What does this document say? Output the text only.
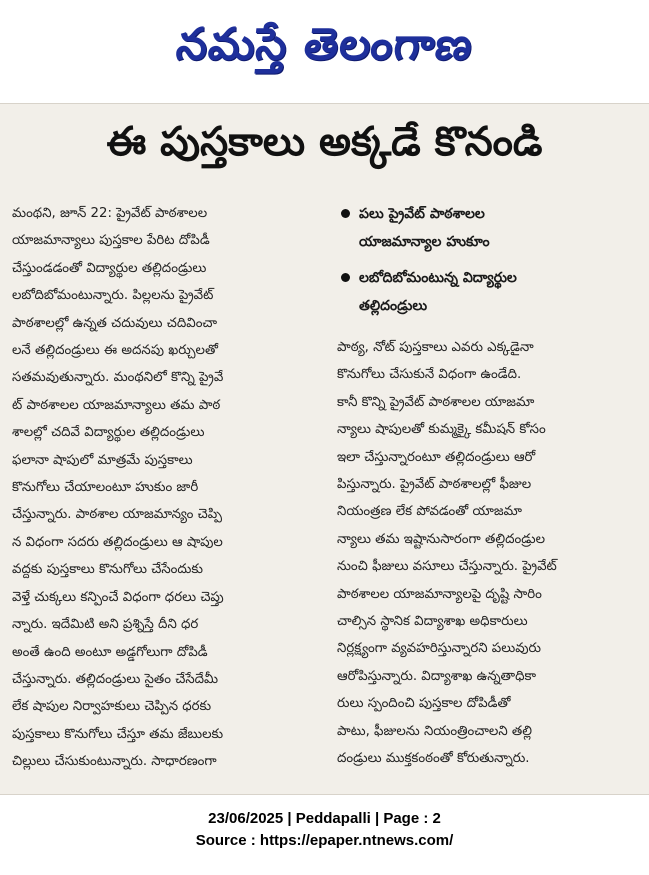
నమస్తే తెలంగాణ
ఈ పుస్తకాలు అక్కడే కొనండి
మంథని, జూన్ 22: ప్రైవేట్ పాఠశాలల
యాజమాన్యాలు పుస్తకాల పేరిట దోపిడీ
చేస్తుండడంతో విద్యార్థుల తల్లిదండ్రులు
లబోదిబోమంటున్నారు. పిల్లలను ప్రైవేట్
పాఠశాలల్లో ఉన్నత చదువులు చదివించా
లనే తల్లిదండ్రులు ఈ అదనపు ఖర్చులతో
సతమవుతున్నారు. మంథనిలో కొన్ని ప్రైవే
ట్ పాఠశాలల యాజమాన్యాలు తమ పాఠ
శాలల్లో చదివే విద్యార్థుల తల్లిదండ్రులు
ఫలానా షాపులో మాత్రమే పుస్తకాలు
కొనుగోలు చేయాలంటూ హుకుం జారీ
చేస్తున్నారు. పాఠశాల యాజమాన్యం చెప్పి
న విధంగా సదరు తల్లిదండ్రులు ఆ షాపుల
వద్దకు పుస్తకాలు కొనుగోలు చేసేందుకు
వెళ్తే చుక్కలు కన్పించే విధంగా ధరలు చెప్తు
న్నారు. ఇదేమిటి అని ప్రశ్నిస్తే దీని ధర
అంతే ఉంది అంటూ అడ్డగోలుగా దోపిడీ
చేస్తున్నారు. తల్లిదండ్రులు సైతం చేసేదేమీ
లేక షాపుల నిర్వాహకులు చెప్పిన ధరకు
పుస్తకాలు కొనుగోలు చేస్తూ తమ జేబులకు
చిల్లులు చేసుకుంటున్నారు. సాధారణంగా
పలు ప్రైవేట్ పాఠశాలల
యాజమాన్యాల హుకూం
లబోదిబోమంటున్న విద్యార్థుల
తల్లిదండ్రులు
పాఠ్య, నోట్ పుస్తకాలు ఎవరు ఎక్కడైనా
కొనుగోలు చేసుకునే విధంగా ఉండేది.
కానీ కొన్ని ప్రైవేట్ పాఠశాలల యాజమా
న్యాలు షాపులతో కుమ్మక్కై కమీషన్ కోసం
ఇలా చేస్తున్నారంటూ తల్లిదండ్రులు ఆరో
పిస్తున్నారు. ప్రైవేట్ పాఠశాలల్లో ఫీజుల
నియంత్రణ లేక పోవడంతో యాజమా
న్యాలు తమ ఇష్టానుసారంగా తల్లిదండ్రుల
నుంచి ఫీజులు వసూలు చేస్తున్నారు. ప్రైవేట్
పాఠశాలల యాజమాన్యాలపై దృష్టి సారిం
చాల్సిన స్థానిక విద్యాశాఖ అధికారులు
నిర్లక్ష్యంగా వ్యవహరిస్తున్నారని పలువురు
ఆరోపిస్తున్నారు. విద్యాశాఖ ఉన్నతాధికా
రులు స్పందించి పుస్తకాల దోపిడీతో
పాటు, ఫీజులను నియంత్రించాలని తల్లి
దండ్రులు ముక్తకంఠంతో కోరుతున్నారు.
23/06/2025 | Peddapalli | Page : 2
Source : https://epaper.ntnews.com/
